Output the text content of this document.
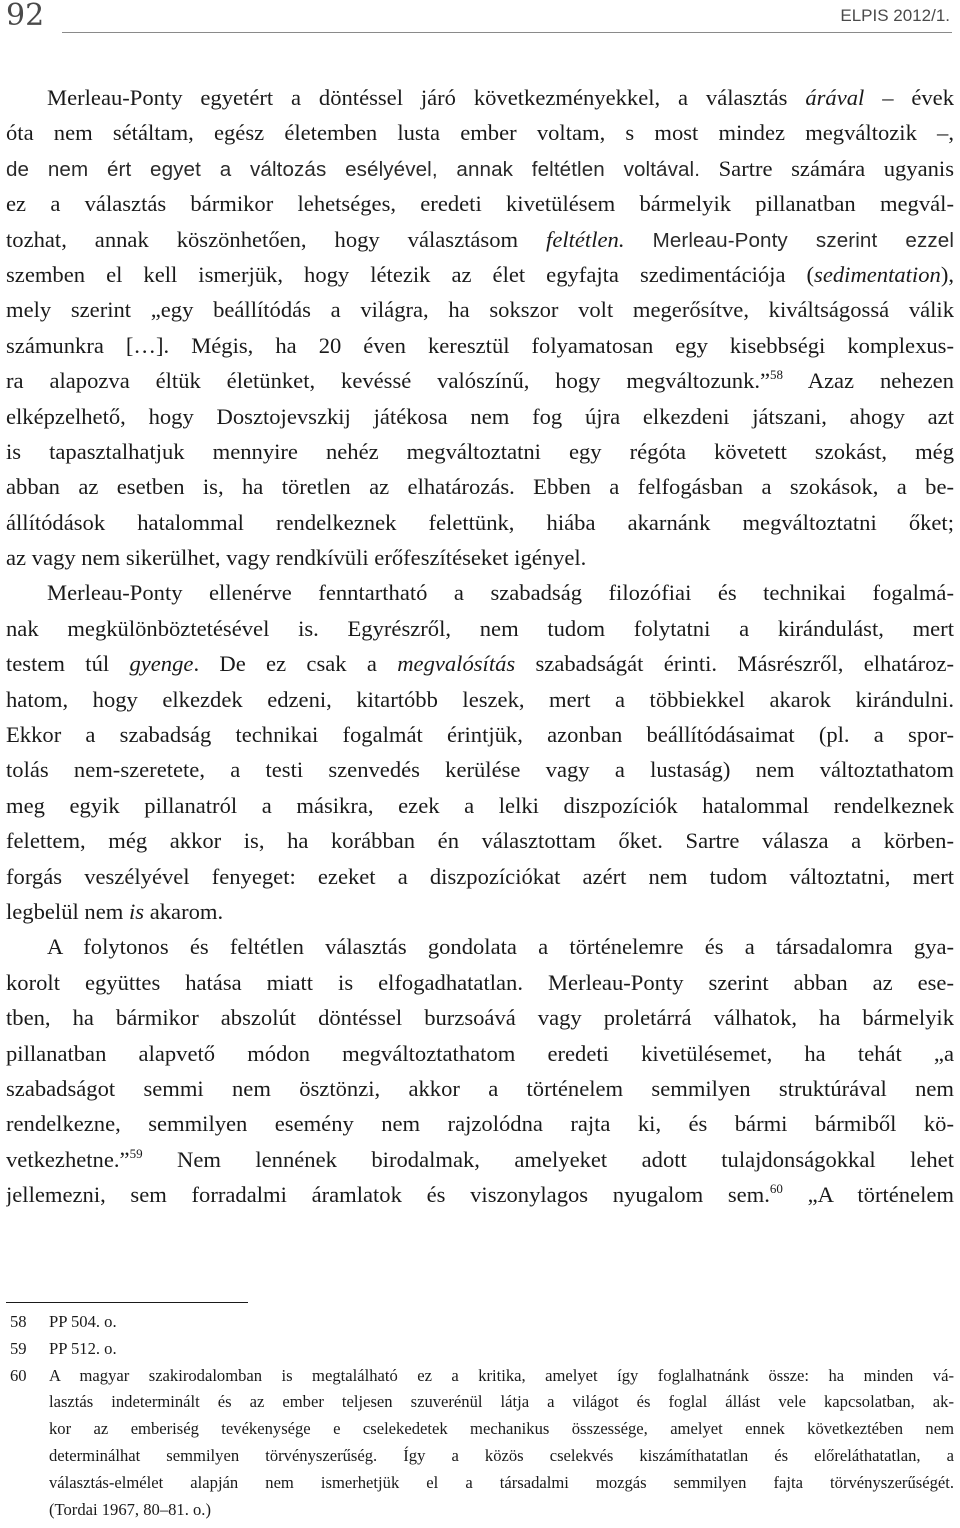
92	ELPIS 2012/1.
Merleau-Ponty egyetért a döntéssel járó következményekkel, a választás árával – évek
óta nem sétáltam, egész életemben lusta ember voltam, s most mindez megváltozik –,
de nem ért egyet a változás esélyével, annak feltétlen voltával. Sartre számára ugyanis
ez a választás bármikor lehetséges, eredeti kivetülésem bármelyik pillanatban megvál-
tozhat, annak köszönhetően, hogy választásom feltétlen. Merleau-Ponty szerint ezzel
szemben el kell ismerjük, hogy létezik az élet egyfajta szedimentációja (sedimentation),
mely szerint „egy beállítódás a világra, ha sokszor volt megerősítve, kiváltságossá válik
számunkra […]. Mégis, ha 20 éven keresztül folyamatosan egy kisebbségi komplexus-
ra alapozva éltük életünket, kevéssé valószínű, hogy megváltozunk.”$^{58}$ Azaz nehezen
elképzelhető, hogy Dosztojevszkij játékosa nem fog újra elkezdeni játszani, ahogy azt
is tapasztalhatjuk mennyire nehéz megváltoztatni egy régóta követett szokást, még
abban az esetben is, ha töretlen az elhatározás. Ebben a felfogásban a szokások, a be-
állítódások hatalommal rendelkeznek felettünk, hiába akarnánk megváltoztatni őket;
az vagy nem sikerülhet, vagy rendkívüli erőfeszítéseket igényel.
Merleau-Ponty ellenérve fenntartható a szabadság filozófiai és technikai fogalmá-
nak megkülönböztetésével is. Egyrészről, nem tudom folytatni a kirándulást, mert
testem túl gyenge. De ez csak a megvalósítás szabadságát érinti. Másrészről, elhatároz-
hatom, hogy elkezdek edzeni, kitartóbb leszek, mert a többiekkel akarok kirándulni.
Ekkor a szabadság technikai fogalmát érintjük, azonban beállítódásaimat (pl. a spor-
tolás nem-szeretete, a testi szenvedés kerülése vagy a lustaság) nem változtathatom
meg egyik pillanatról a másikra, ezek a lelki diszpozíciók hatalommal rendelkeznek
felettem, még akkor is, ha korábban én választottam őket. Sartre válasza a körben-
forgás veszélyével fenyeget: ezeket a diszpozíciókat azért nem tudom változtatni, mert
legbelül nem is akarom.
A folytonos és feltétlen választás gondolata a történelemre és a társadalomra gya-
korolt együttes hatása miatt is elfogadhatatlan. Merleau-Ponty szerint abban az ese-
tben, ha bármikor abszolút döntéssel burzsoává vagy proletárrá válhatok, ha bármelyik
pillanatban alapvető módon megváltoztathatom eredeti kivetülésemet, ha tehát „a
szabadságot semmi nem ösztönzi, akkor a történelem semmilyen struktúrával nem
rendelkezne, semmilyen esemény nem rajzolódna rajta ki, és bármi bármiből kö-
vetkezhetne.”$^{59}$ Nem lennének birodalmak, amelyeket adott tulajdonságokkal lehet
jellemezni, sem forradalmi áramlatok és viszonylagos nyugalom sem.$^{60}$ „A történelem
58 PP 504. o.
59 PP 512. o.
60 A magyar szakirodalomban is megtalálható ez a kritika, amelyet így foglalhatnánk össze: ha minden vá-
lasztás indeterminált és az ember teljesen szuverénül látja a világot és foglal állást vele kapcsolatban, ak-
kor az emberiség tevékenysége e cselekedetek mechanikus összessége, amelyet ennek következtében nem
determinálhat semmilyen törvényszerűség. Így a közös cselekvés kiszámíthatatlan és előreláthatatlan, a
választás-elmélet alapján nem ismerhetjük el a társadalmi mozgás semmilyen fajta törvényszerűségét.
(Tordai 1967, 80–81. o.)
